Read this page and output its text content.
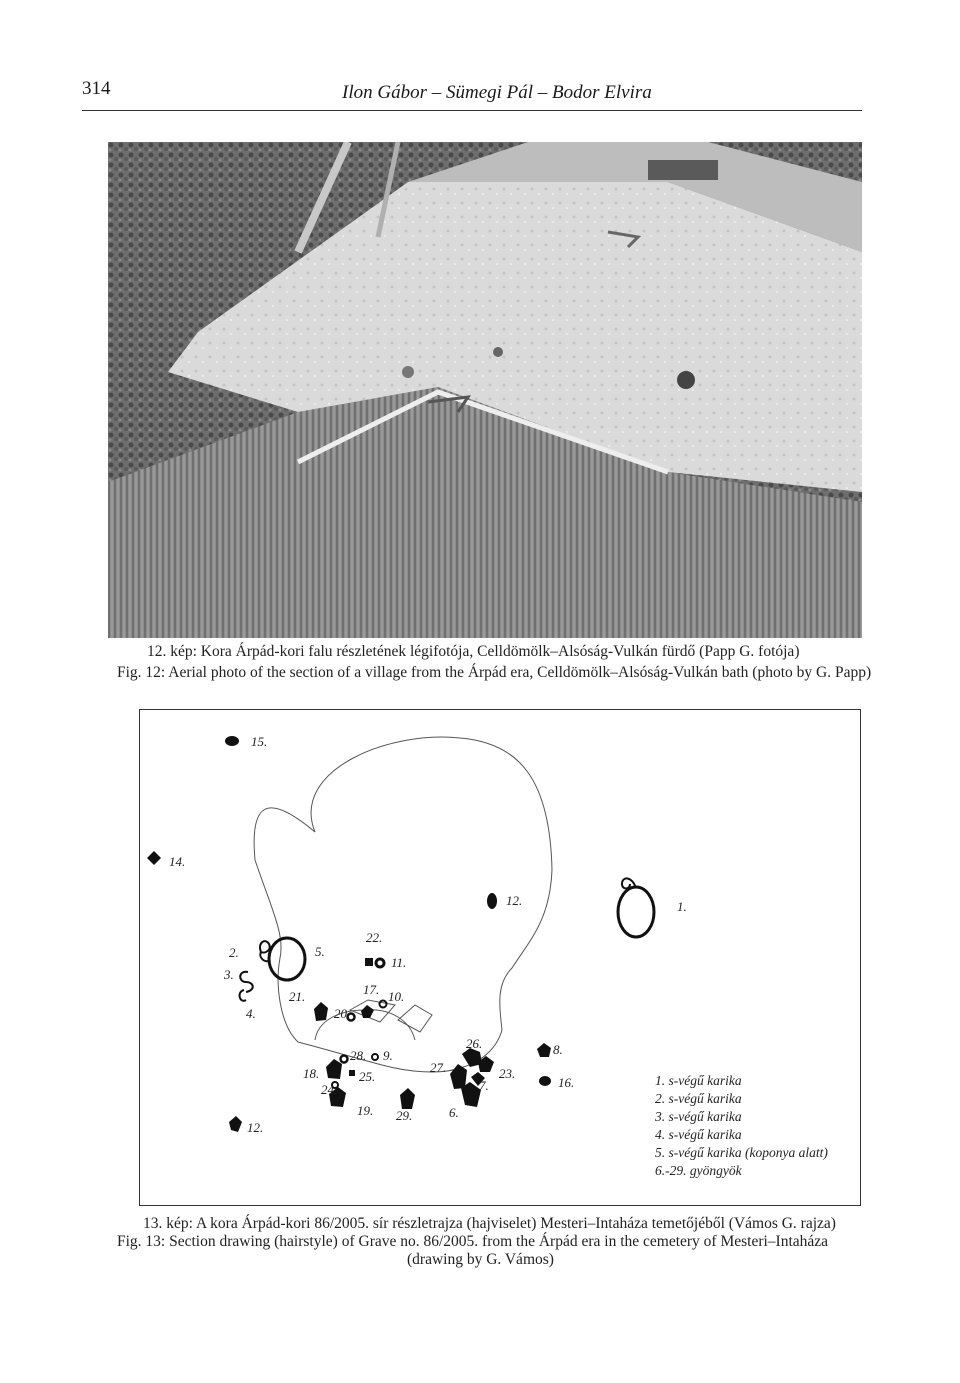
314	Ilon Gábor – Sümegi Pál – Bodor Elvira
12. kép: Kora Árpád-kori falu részletének légifotója, Celldömölk–Alsóság-Vulkán fürdő (Papp G. fotója)
Fig. 12: Aerial photo of the section of a village from the Árpád era, Celldömölk–Alsóság-Vulkán bath (photo by G. Papp)
15.
14.
12.	1.
22.
2.	5.
11.
3.
21.	17. 10.
4.	20.
26.	8.
28. 9.
27.	23.
18.	25.
7.	16.
24.
19. 29.	6.
12.
1. s-végű karika
2. s-végű karika
3. s-végű karika
4. s-végű karika
5. s-végű karika (koponya alatt)
6.-29. gyöngyök
13. kép: A kora Árpád-kori 86/2005. sír részletrajza (hajviselet) Mesteri–Intaháza temetőjéből (Vámos G. rajza)
Fig. 13: Section drawing (hairstyle) of Grave no. 86/2005. from the Árpád era in the cemetery of Mesteri–Intaháza
(drawing by G. Vámos)
